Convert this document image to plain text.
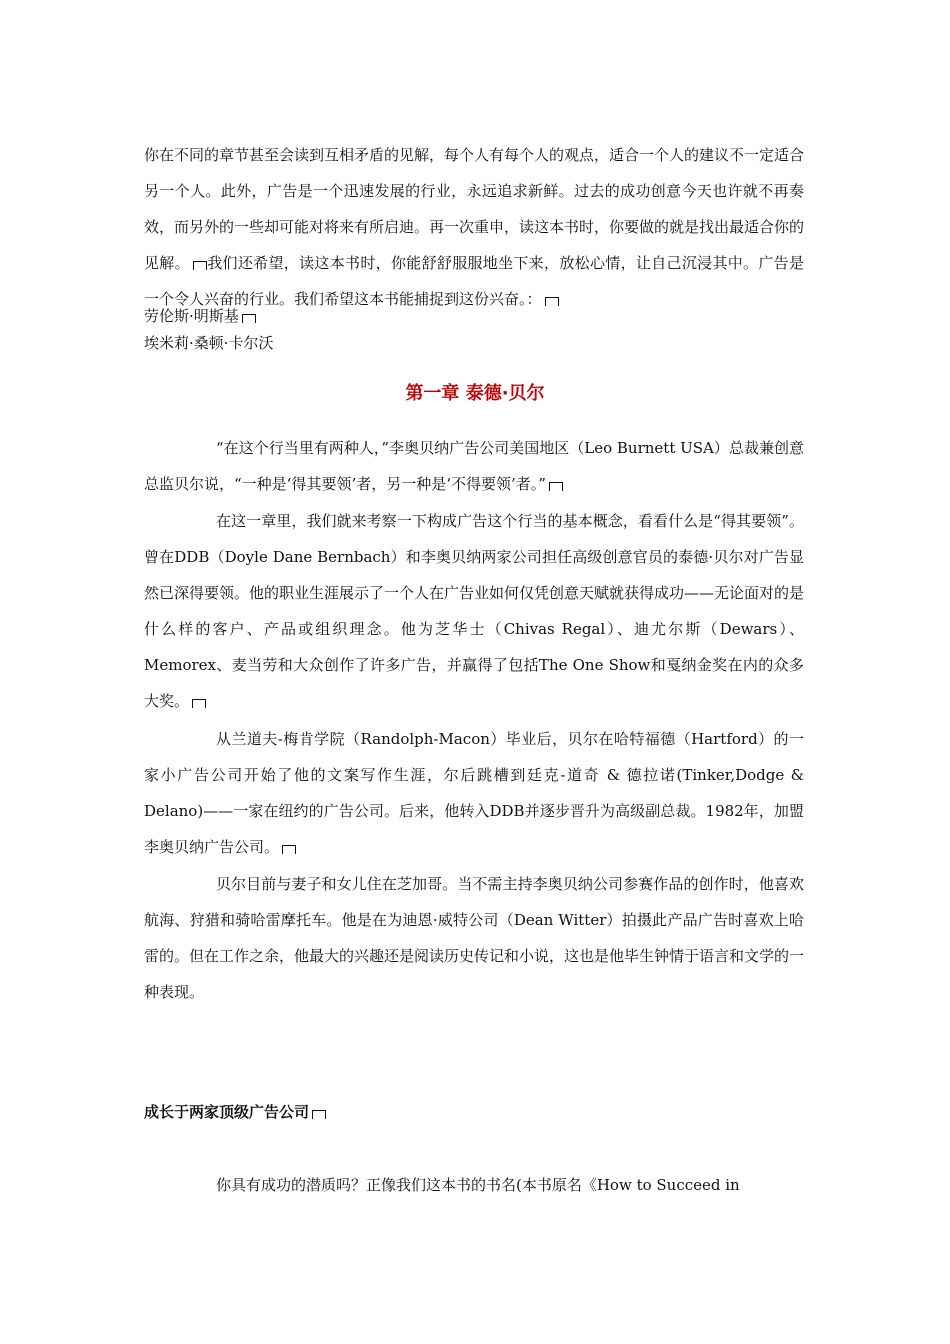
你在不同的章节甚至会读到互相矛盾的见解，每个人有每个人的观点，适合一个人的建议不一定适合另一个人。此外，广告是一个迅速发展的行业，永远追求新鲜。过去的成功创意今天也许就不再奏效，而另外的一些却可能对将来有所启迪。再一次重申，读这本书时，你要做的就是找出最适合你的见解。 我们还希望，读这本书时，你能舒舒服服地坐下来，放松心情，让自己沉浸其中。广告是一个令人兴奋的行业。我们希望这本书能捕捉到这份兴奋。：

劳伦斯·明斯基

埃米莉·桑顿·卡尔沃

第一章 泰德·贝尔

“在这个行当里有两种人，”李奥贝纳广告公司美国地区（Leo Burnett USA）总裁兼创意总监贝尔说，“一种是‘得其要领’者，另一种是‘不得要领’者。”

在这一章里，我们就来考察一下构成广告这个行当的基本概念，看看什么是“得其要领”。曾在DDB（Doyle Dane Bernbach）和李奥贝纳两家公司担任高级创意官员的泰德·贝尔对广告显然已深得要领。他的职业生涯展示了一个人在广告业如何仅凭创意天赋就获得成功——无论面对的是什么样的客户、产品或组织理念。他为芝华士（Chivas Regal）、迪尤尔斯（Dewars）、Memorex、麦当劳和大众创作了许多广告，并赢得了包括The One Show和戛纳金奖在内的众多大奖。

从兰道夫-梅肯学院（Randolph-Macon）毕业后，贝尔在哈特福德（Hartford）的一家小广告公司开始了他的文案写作生涯，尔后跳槽到廷克-道奇 & 德拉诺(Tinker,Dodge & Delano)——一家在纽约的广告公司。后来，他转入DDB并逐步晋升为高级副总裁。1982年，加盟李奥贝纳广告公司。

贝尔目前与妻子和女儿住在芝加哥。当不需主持李奥贝纳公司参赛作品的创作时，他喜欢航海、狩猎和骑哈雷摩托车。他是在为迪恩·威特公司（Dean Witter）拍摄此产品广告时喜欢上哈雷的。但在工作之余，他最大的兴趣还是阅读历史传记和小说，这也是他毕生钟情于语言和文学的一种表现。

成长于两家顶级广告公司

你具有成功的潜质吗？正像我们这本书的书名(本书原名《How to Succeed in
